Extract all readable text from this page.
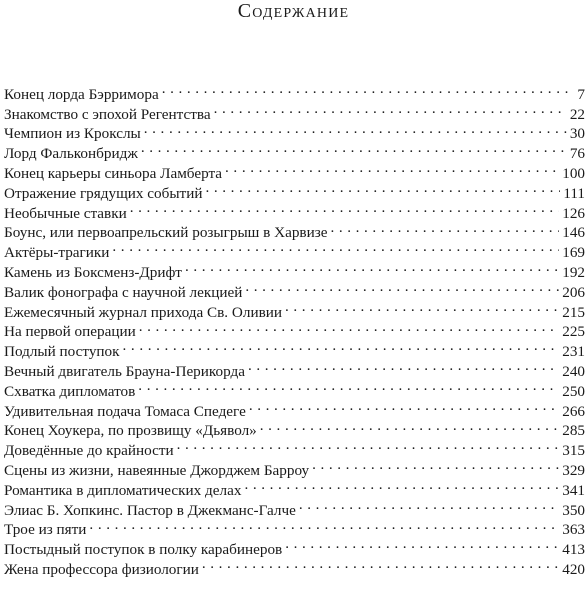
Содержание
Конец лорда Бэрримора . . .	7
Знакомство с эпохой Регентства . . .	22
Чемпион из Крокслы . . .	30
Лорд Фальконбридж . . .	76
Конец карьеры синьора Ламберта . . .	100
Отражение грядущих событий . . .	111
Необычные ставки . . .	126
Боунс, или первоапрельский розыгрыш в Харвизе . . .	146
Актёры-трагики . . .	169
Камень из Боксменз‑Дрифт . . .	192
Валик фонографа с научной лекцией . . .	206
Ежемесячный журнал прихода Св. Оливии . . .	215
На первой операции . . .	225
Подлый поступок . . .	231
Вечный двигатель Брауна‑Перикорда . . .	240
Схватка дипломатов . . .	250
Удивительная подача Томаса Спедеге . . .	266
Конец Хоукера, по прозвищу «Дьявол» . . .	285
Доведённые до крайности . . .	315
Сцены из жизни, навеянные Джорджем Барроу . . .	329
Романтика в дипломатических делах . . .	341
Элиас Б. Хопкинс. Пастор в Джекманс‑Галче . . .	350
Трое из пяти . . .	363
Постыдный поступок в полку карабинеров . . .	413
Жена профессора физиологии . . .	420
